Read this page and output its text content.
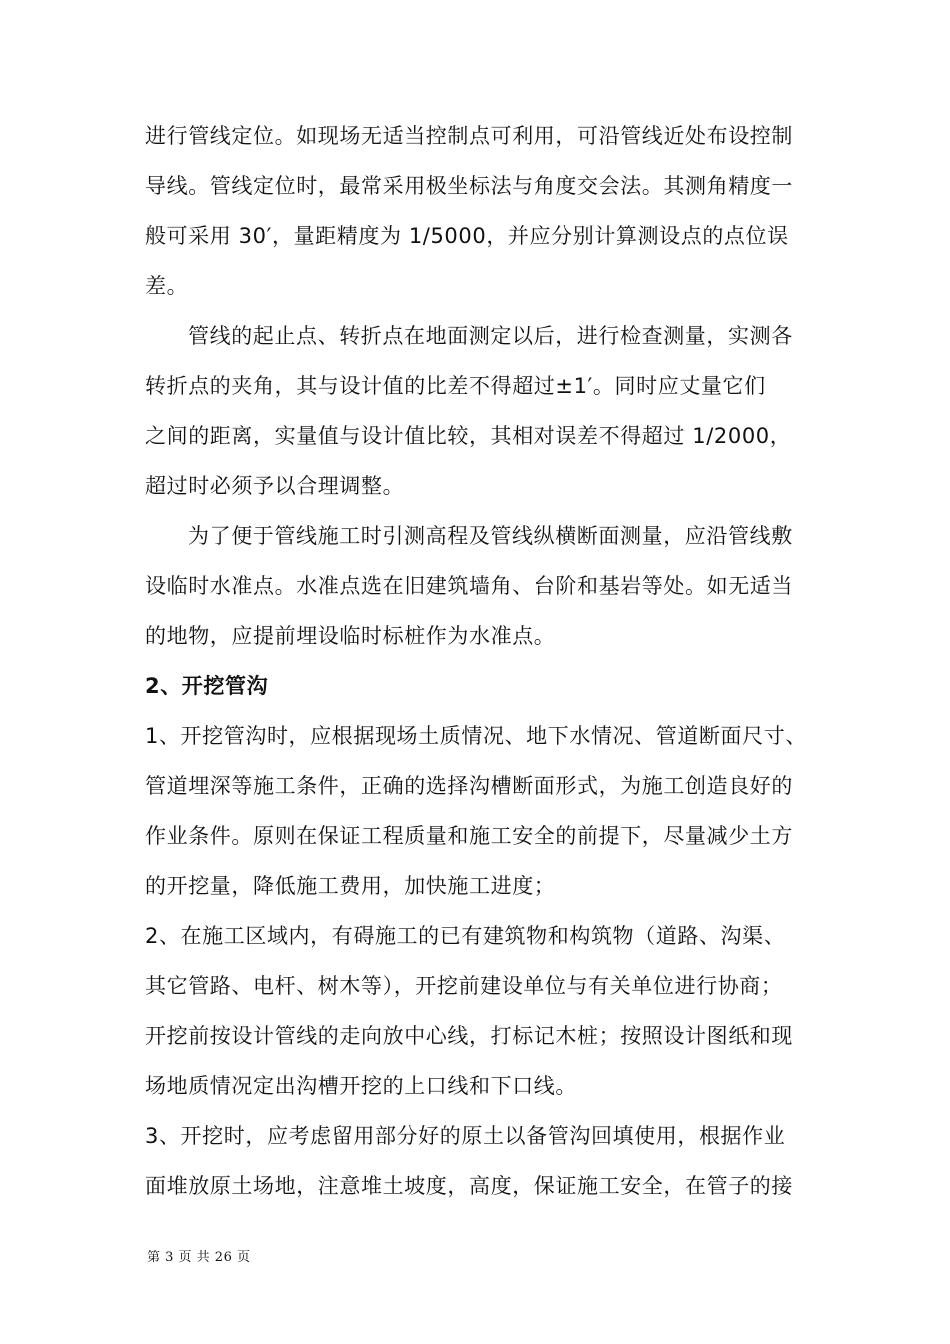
进行管线定位。如现场无适当控制点可利用，可沿管线近处布设控制
导线。管线定位时，最常采用极坐标法与角度交会法。其测角精度一
般可采用 30′，量距精度为 1/5000，并应分别计算测设点的点位误
差。
管线的起止点、转折点在地面测定以后，进行检查测量，实测各
转折点的夹角，其与设计值的比差不得超过±1′。同时应丈量它们
之间的距离，实量值与设计值比较，其相对误差不得超过 1/2000，
超过时必须予以合理调整。
为了便于管线施工时引测高程及管线纵横断面测量，应沿管线敷
设临时水准点。水准点选在旧建筑墙角、台阶和基岩等处。如无适当
的地物，应提前埋设临时标桩作为水准点。
2、开挖管沟
1、开挖管沟时，应根据现场土质情况、地下水情况、管道断面尺寸、
管道埋深等施工条件，正确的选择沟槽断面形式，为施工创造良好的
作业条件。原则在保证工程质量和施工安全的前提下，尽量减少土方
的开挖量，降低施工费用，加快施工进度；
2、在施工区域内，有碍施工的已有建筑物和构筑物（道路、沟渠、
其它管路、电杆、树木等），开挖前建设单位与有关单位进行协商；
开挖前按设计管线的走向放中心线，打标记木桩；按照设计图纸和现
场地质情况定出沟槽开挖的上口线和下口线。
3、开挖时，应考虑留用部分好的原土以备管沟回填使用，根据作业
面堆放原土场地，注意堆土坡度，高度，保证施工安全，在管子的接
第 3 页 共 26 页
